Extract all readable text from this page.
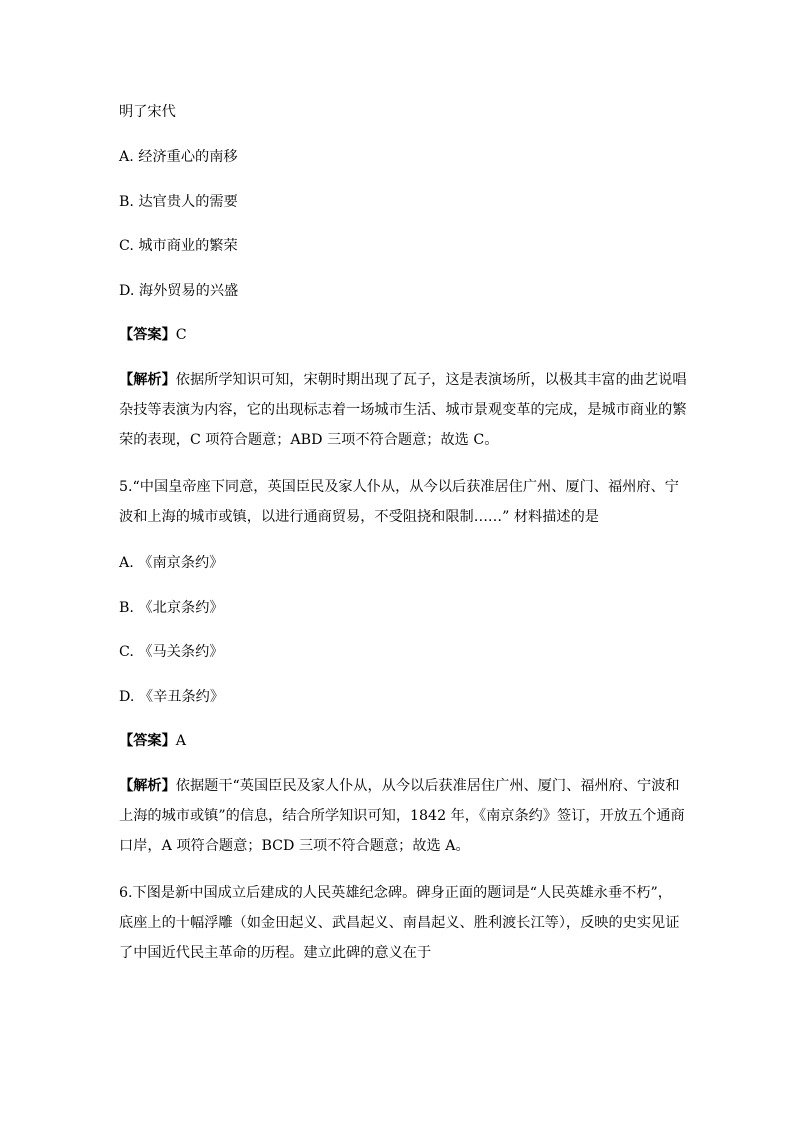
明了宋代
A. 经济重心的南移
B. 达官贵人的需要
C. 城市商业的繁荣
D. 海外贸易的兴盛
【答案】C
【解析】依据所学知识可知，宋朝时期出现了瓦子，这是表演场所，以极其丰富的曲艺说唱
杂技等表演为内容，它的出现标志着一场城市生活、城市景观变革的完成，是城市商业的繁
荣的表现，C 项符合题意；ABD 三项不符合题意；故选 C。
5.“中国皇帝座下同意，英国臣民及家人仆从，从今以后获准居住广州、厦门、福州府、宁
波和上海的城市或镇，以进行通商贸易，不受阻挠和限制……” 材料描述的是
A. 《南京条约》
B. 《北京条约》
C. 《马关条约》
D. 《辛丑条约》
【答案】A
【解析】依据题干“英国臣民及家人仆从，从今以后获准居住广州、厦门、福州府、宁波和
上海的城市或镇”的信息，结合所学知识可知，1842 年，《南京条约》签订，开放五个通商
口岸，A 项符合题意；BCD 三项不符合题意；故选 A。
6.下图是新中国成立后建成的人民英雄纪念碑。碑身正面的题词是“人民英雄永垂不朽”，
底座上的十幅浮雕（如金田起义、武昌起义、南昌起义、胜利渡长江等），反映的史实见证
了中国近代民主革命的历程。建立此碑的意义在于
